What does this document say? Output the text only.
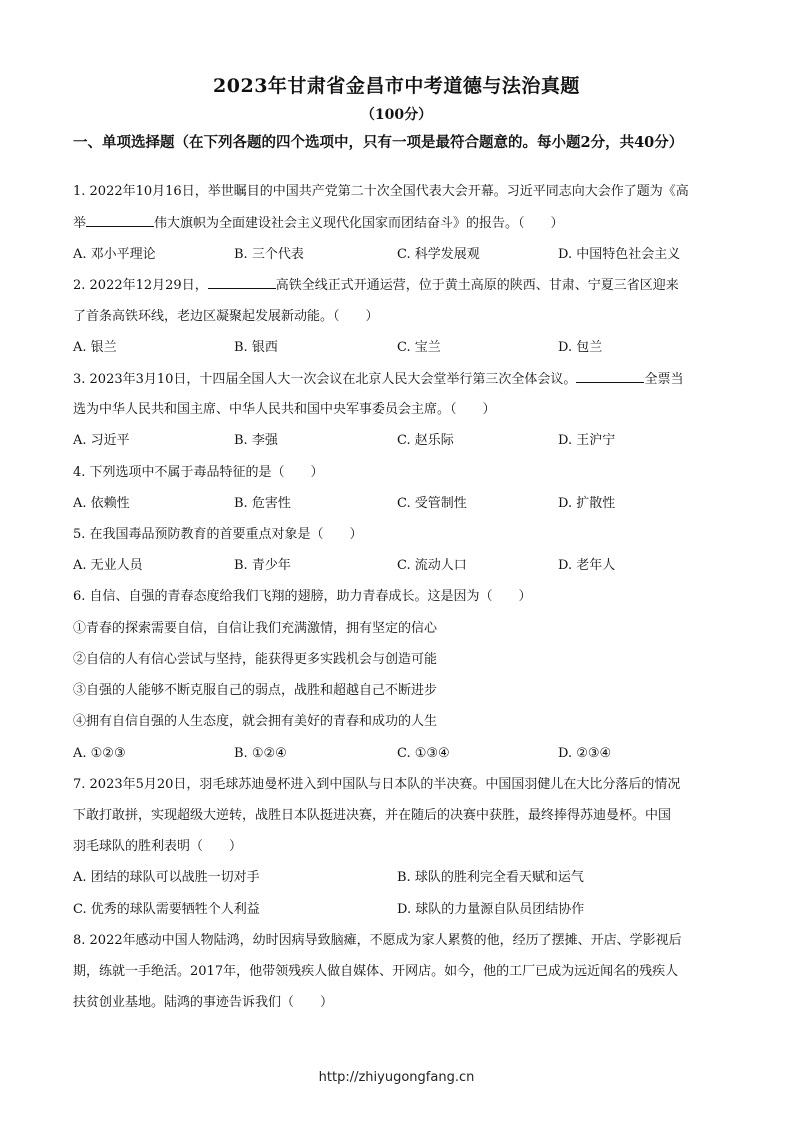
2023年甘肃省金昌市中考道德与法治真题
（100分）
一、单项选择题（在下列各题的四个选项中，只有一项是最符合题意的。每小题2分，共40分）
1. 2022年10月16日，举世瞩目的中国共产党第二十次全国代表大会开幕。习近平同志向大会作了题为《高
举	伟大旗帜为全面建设社会主义现代化国家而团结奋斗》的报告。（　　）
A. 邓小平理论	B. 三个代表	C. 科学发展观	D. 中国特色社会主义
2. 2022年12月29日，	高铁全线正式开通运营，位于黄土高原的陕西、甘肃、宁夏三省区迎来
了首条高铁环线，老边区凝聚起发展新动能。（　　）
A. 银兰	B. 银西	C. 宝兰	D. 包兰
3. 2023年3月10日，十四届全国人大一次会议在北京人民大会堂举行第三次全体会议。	全票当
选为中华人民共和国主席、中华人民共和国中央军事委员会主席。（　　）
A. 习近平	B. 李强	C. 赵乐际	D. 王沪宁
4. 下列选项中不属于毒品特征的是（　　）
A. 依赖性	B. 危害性	C. 受管制性	D. 扩散性
5. 在我国毒品预防教育的首要重点对象是（　　）
A. 无业人员	B. 青少年	C. 流动人口	D. 老年人
6. 自信、自强的青春态度给我们飞翔的翅膀，助力青春成长。这是因为（　　）
①青春的探索需要自信，自信让我们充满激情，拥有坚定的信心
②自信的人有信心尝试与坚持，能获得更多实践机会与创造可能
③自强的人能够不断克服自己的弱点，战胜和超越自己不断进步
④拥有自信自强的人生态度，就会拥有美好的青春和成功的人生
A. ①②③	B. ①②④	C. ①③④	D. ②③④
7. 2023年5月20日，羽毛球苏迪曼杯进入到中国队与日本队的半决赛。中国国羽健儿在大比分落后的情况
下敢打敢拼，实现超级大逆转，战胜日本队挺进决赛，并在随后的决赛中获胜，最终捧得苏迪曼杯。中国
羽毛球队的胜利表明（　　）
A. 团结的球队可以战胜一切对手	B. 球队的胜利完全看天赋和运气
C. 优秀的球队需要牺牲个人利益	D. 球队的力量源自队员团结协作
8. 2022年感动中国人物陆鸿，幼时因病导致脑瘫，不愿成为家人累赘的他，经历了摆摊、开店、学影视后
期，练就一手绝活。2017年，他带领残疾人做自媒体、开网店。如今，他的工厂已成为远近闻名的残疾人
扶贫创业基地。陆鸿的事迹告诉我们（　　）
http://zhiyugongfang.cn
